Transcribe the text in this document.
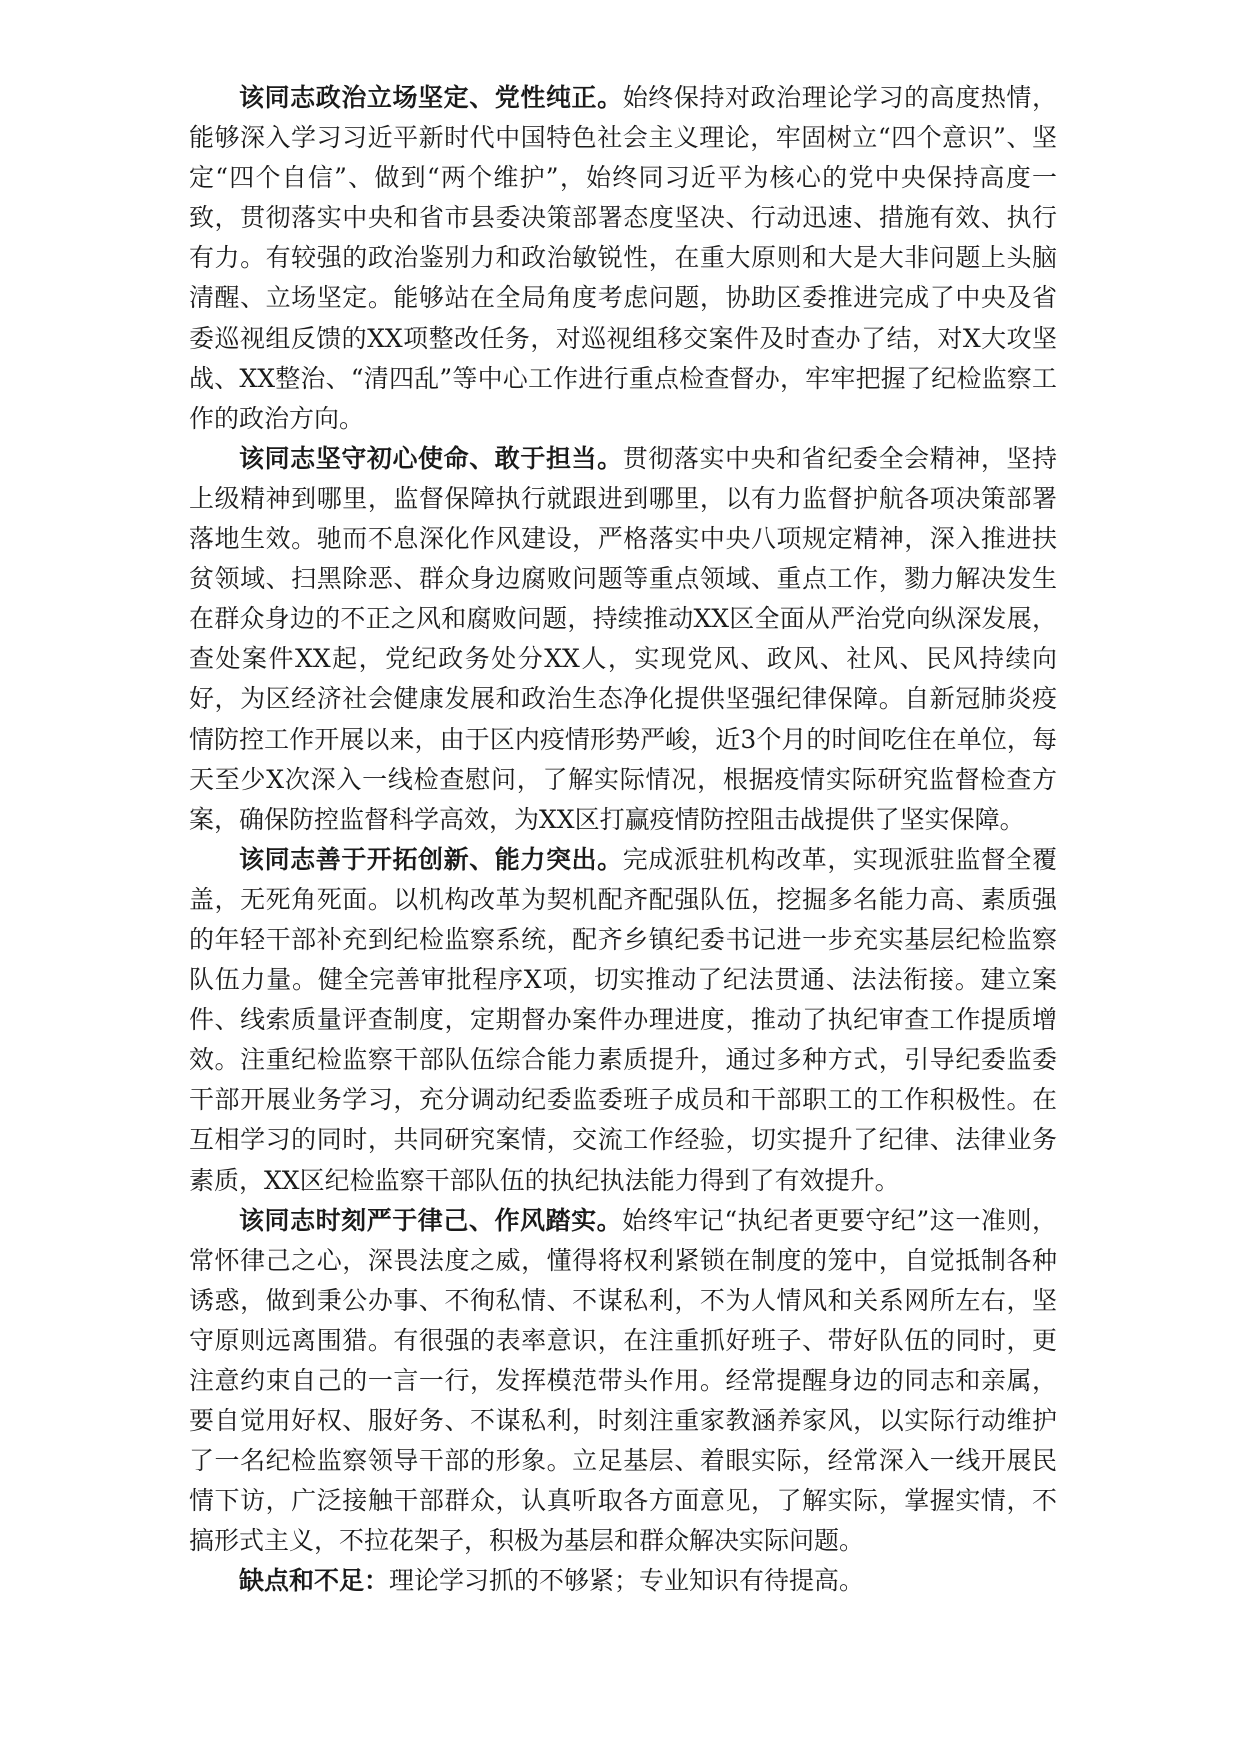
该同志政治立场坚定、党性纯正。始终保持对政治理论学习的高度热情，能够深入学习习近平新时代中国特色社会主义理论，牢固树立“四个意识”、坚定“四个自信”、做到“两个维护”，始终同习近平为核心的党中央保持高度一致，贯彻落实中央和省市县委决策部署态度坚决、行动迅速、措施有效、执行有力。有较强的政治鉴别力和政治敏锐性，在重大原则和大是大非问题上头脑清醒、立场坚定。能够站在全局角度考虑问题，协助区委推进完成了中央及省委巡视组反馈的XX项整改任务，对巡视组移交案件及时查办了结，对X大攻坚战、XX整治、“清四乱”等中心工作进行重点检查督办，牢牢把握了纪检监察工作的政治方向。

该同志坚守初心使命、敢于担当。贯彻落实中央和省纪委全会精神，坚持上级精神到哪里，监督保障执行就跟进到哪里，以有力监督护航各项决策部署落地生效。驰而不息深化作风建设，严格落实中央八项规定精神，深入推进扶贫领域、扫黑除恶、群众身边腐败问题等重点领域、重点工作，勠力解决发生在群众身边的不正之风和腐败问题，持续推动XX区全面从严治党向纵深发展，查处案件XX起，党纪政务处分XX人，实现党风、政风、社风、民风持续向好，为区经济社会健康发展和政治生态净化提供坚强纪律保障。自新冠肺炎疫情防控工作开展以来，由于区内疫情形势严峻，近3个月的时间吃住在单位，每天至少X次深入一线检查慰问，了解实际情况，根据疫情实际研究监督检查方案，确保防控监督科学高效，为XX区打赢疫情防控阻击战提供了坚实保障。

该同志善于开拓创新、能力突出。完成派驻机构改革，实现派驻监督全覆盖，无死角死面。以机构改革为契机配齐配强队伍，挖掘多名能力高、素质强的年轻干部补充到纪检监察系统，配齐乡镇纪委书记进一步充实基层纪检监察队伍力量。健全完善审批程序X项，切实推动了纪法贯通、法法衔接。建立案件、线索质量评查制度，定期督办案件办理进度，推动了执纪审查工作提质增效。注重纪检监察干部队伍综合能力素质提升，通过多种方式，引导纪委监委干部开展业务学习，充分调动纪委监委班子成员和干部职工的工作积极性。在互相学习的同时，共同研究案情，交流工作经验，切实提升了纪律、法律业务素质，XX区纪检监察干部队伍的执纪执法能力得到了有效提升。

该同志时刻严于律己、作风踏实。始终牢记“执纪者更要守纪”这一准则，常怀律己之心，深畏法度之威，懂得将权利紧锁在制度的笼中，自觉抵制各种诱惑，做到秉公办事、不徇私情、不谋私利，不为人情风和关系网所左右，坚守原则远离围猎。有很强的表率意识，在注重抓好班子、带好队伍的同时，更注意约束自己的一言一行，发挥模范带头作用。经常提醒身边的同志和亲属，要自觉用好权、服好务、不谋私利，时刻注重家教涵养家风，以实际行动维护了一名纪检监察领导干部的形象。立足基层、着眼实际，经常深入一线开展民情下访，广泛接触干部群众，认真听取各方面意见，了解实际，掌握实情，不搞形式主义，不拉花架子，积极为基层和群众解决实际问题。

缺点和不足：理论学习抓的不够紧；专业知识有待提高。
